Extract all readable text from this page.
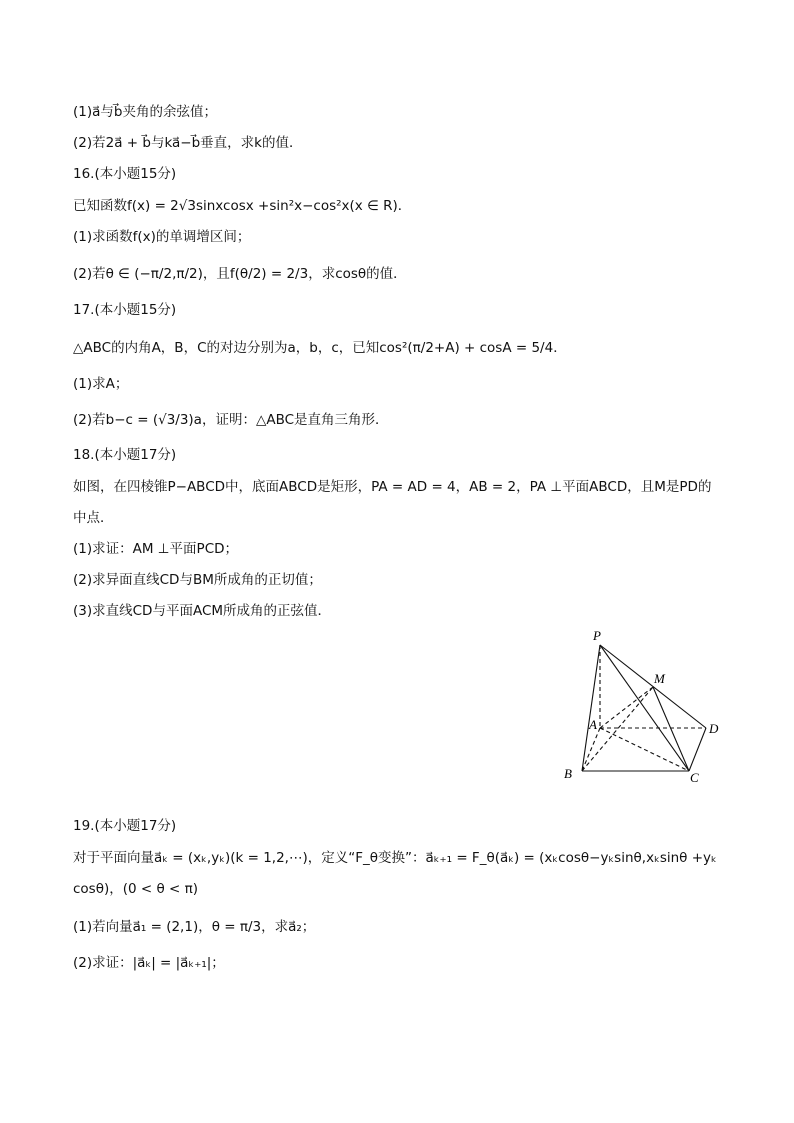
(1)a⃗与b⃗夹角的余弦值；
(2)若2a⃗ + b⃗与ka⃗−b⃗垂直，求k的值．
16.(本小题15分)
已知函数f(x) = 2√3sinxcosx +sin²x−cos²x(x ∈ R)．
(1)求函数f(x)的单调增区间；
(2)若θ ∈ (−π/2,π/2)，且f(θ/2) = 2/3，求cosθ的值．
17.(本小题15分)
△ABC的内角A，B，C的对边分别为a，b，c，已知cos²(π/2+A) + cosA = 5/4．
(1)求A；
(2)若b−c = (√3/3)a，证明：△ABC是直角三角形．
18.(本小题17分)
如图，在四棱锥P−ABCD中，底面ABCD是矩形，PA = AD = 4，AB = 2，PA ⊥平面ABCD，且M是PD的
中点．
(1)求证：AM ⊥平面PCD；
(2)求异面直线CD与BM所成角的正切值；
(3)求直线CD与平面ACM所成角的正弦值．
P
M
A	D
B	C
19.(本小题17分)
对于平面向量a⃗ₖ = (xₖ,yₖ)(k = 1,2,⋯)，定义“F_θ变换”：a⃗ₖ₊₁ = F_θ(a⃗ₖ) = (xₖcosθ−yₖsinθ,xₖsinθ +yₖ
cosθ)，(0 < θ < π)
(1)若向量a⃗₁ = (2,1)，θ = π/3，求a⃗₂；
(2)求证：|a⃗ₖ| = |a⃗ₖ₊₁|；
